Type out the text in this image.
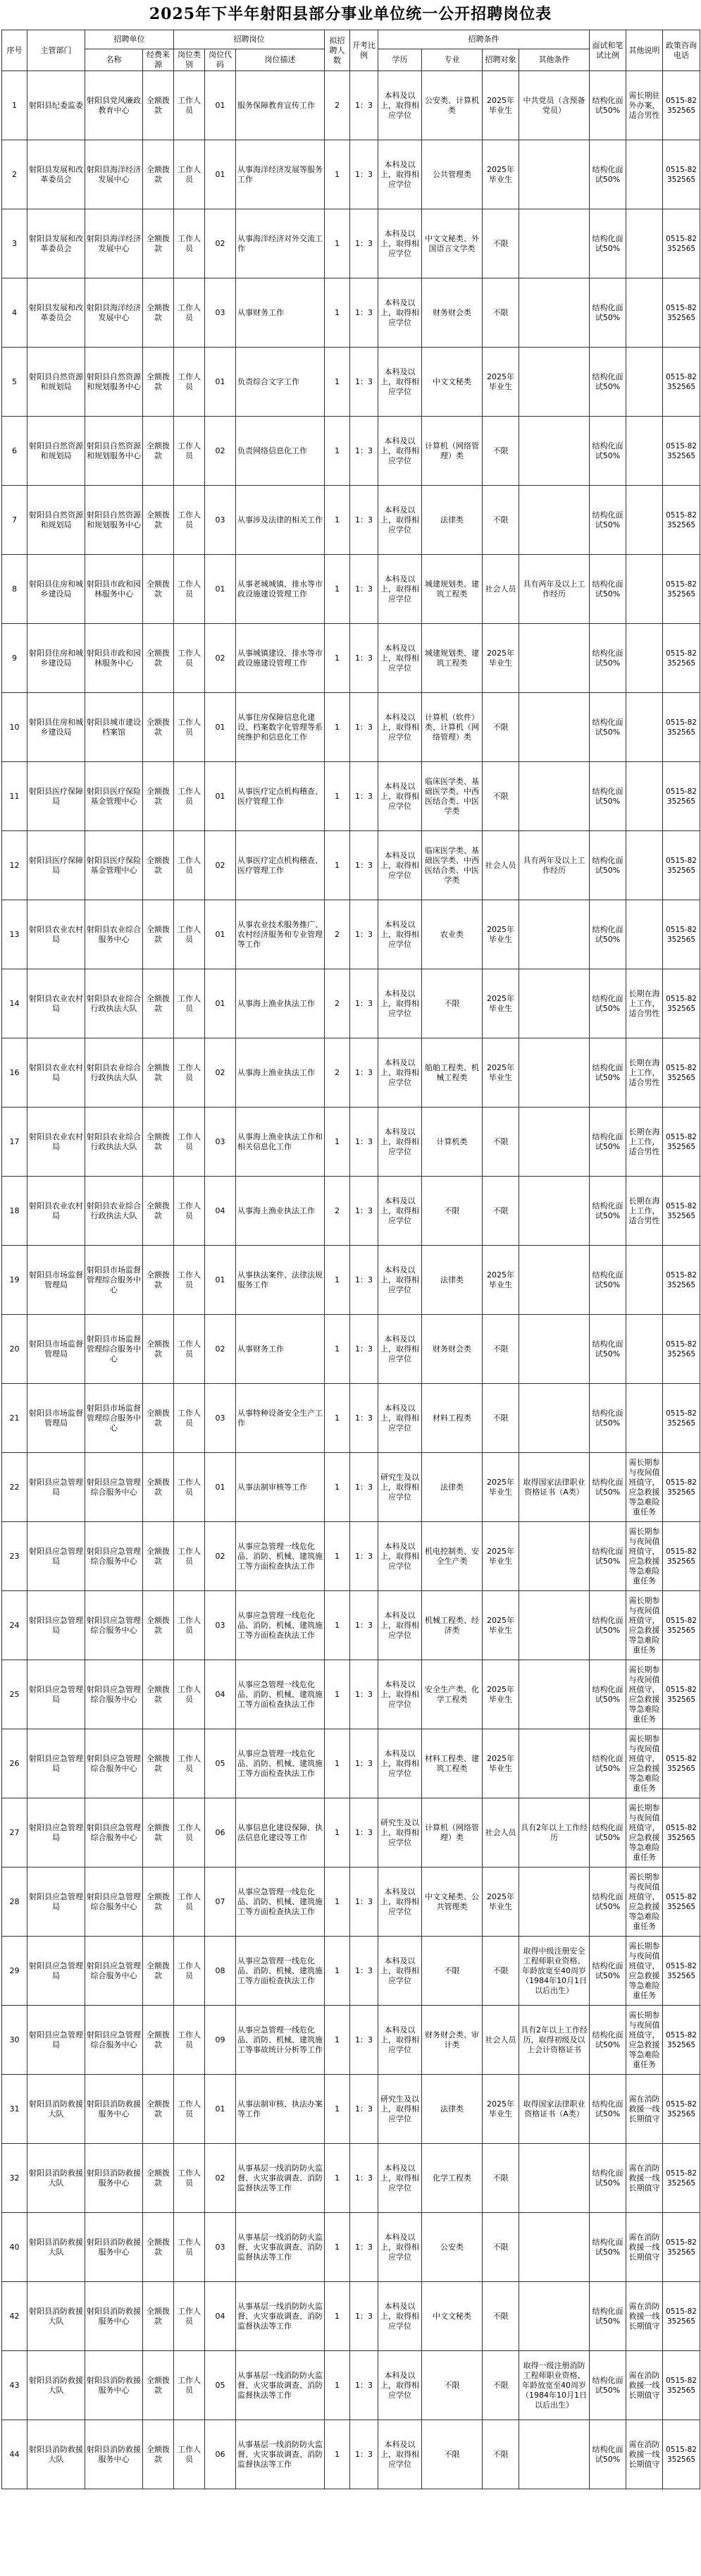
2025年下半年射阳县部分事业单位统一公开招聘岗位表
序号	主管部门	招聘单位		招聘岗位			拟招聘人数	开考比例	招聘条件				面试和笔试比例	其他说明	政策咨询电话
		名称	经费来源	岗位类别	岗位代码	岗位描述			学历	专业	招聘对象	其他条件			
1	射阳县纪委监委	射阳县党风廉政教育中心	全额拨款	工作人员	01	服务保障教育宣传工作	2	1：3	本科及以上，取得相应学位	公安类、计算机类	2025年毕业生	中共党员（含预备党员）	结构化面试50%	需长期驻外办案，适合男性	0515-82352565
2	射阳县发展和改革委员会	射阳县海洋经济发展中心	全额拨款	工作人员	01	从事海洋经济发展等服务工作	1	1：3	本科及以上，取得相应学位	公共管理类	2025年毕业生		结构化面试50%		0515-82352565
3	射阳县发展和改革委员会	射阳县海洋经济发展中心	全额拨款	工作人员	02	从事海洋经济对外交流工作	1	1：3	本科及以上，取得相应学位	中文文秘类、外国语言文学类	不限		结构化面试50%		0515-82352565
4	射阳县发展和改革委员会	射阳县海洋经济发展中心	全额拨款	工作人员	03	从事财务工作	1	1：3	本科及以上，取得相应学位	财务财会类	不限		结构化面试50%		0515-82352565
5	射阳县自然资源和规划局	射阳县自然资源和规划服务中心	全额拨款	工作人员	01	负责综合文字工作	1	1：3	本科及以上，取得相应学位	中文文秘类	2025年毕业生		结构化面试50%		0515-82352565
6	射阳县自然资源和规划局	射阳县自然资源和规划服务中心	全额拨款	工作人员	02	负责网络信息化工作	1	1：3	本科及以上，取得相应学位	计算机（网络管理）类	不限		结构化面试50%		0515-82352565
7	射阳县自然资源和规划局	射阳县自然资源和规划服务中心	全额拨款	工作人员	03	从事涉及法律的相关工作	1	1：3	本科及以上，取得相应学位	法律类	不限		结构化面试50%		0515-82352565
8	射阳县住房和城乡建设局	射阳县市政和园林服务中心	全额拨款	工作人员	01	从事老城城镇、排水等市政设施建设管理工作	1	1：3	本科及以上，取得相应学位	城建规划类、建筑工程类	社会人员	具有两年及以上工作经历	结构化面试50%		0515-82352565
9	射阳县住房和城乡建设局	射阳县市政和园林服务中心	全额拨款	工作人员	02	从事城镇建设、排水等市政设施建设管理工作	1	1：3	本科及以上，取得相应学位	城建规划类、建筑工程类	2025年毕业生		结构化面试50%		0515-82352565
10	射阳县住房和城乡建设局	射阳县城市建设档案馆	全额拨款	工作人员	01	从事住房保障信息化建设、档案数字化管理等系统维护和信息化工作	1	1：3	本科及以上，取得相应学位	计算机（软件）类、计算机（网络管理）类	不限		结构化面试50%		0515-82352565
11	射阳县医疗保障局	射阳县医疗保险基金管理中心	全额拨款	工作人员	01	从事医疗定点机构稽查、医疗管理工作	1	1：3	本科及以上，取得相应学位	临床医学类、基础医学类、中西医结合类、中医学类	不限		结构化面试50%		0515-82352565
12	射阳县医疗保障局	射阳县医疗保险基金管理中心	全额拨款	工作人员	02	从事医疗定点机构稽查、医疗管理工作	1	1：3	本科及以上，取得相应学位	临床医学类、基础医学类、中西医结合类、中医学类	社会人员	具有两年及以上工作经历	结构化面试50%		0515-82352565
13	射阳县农业农村局	射阳县农业综合服务中心	全额拨款	工作人员	01	从事农业技术服务推广、农村经济服务和专业管理等工作	2	1：3	本科及以上，取得相应学位	农业类	2025年毕业生		结构化面试50%		0515-82352565
14	射阳县农业农村局	射阳县农业综合行政执法大队	全额拨款	工作人员	01	从事海上渔业执法工作	2	1：3	本科及以上，取得相应学位	不限	2025年毕业生		结构化面试50%	长期在海上工作，适合男性	0515-82352565
16	射阳县农业农村局	射阳县农业综合行政执法大队	全额拨款	工作人员	02	从事海上渔业执法工作	2	1：3	本科及以上，取得相应学位	船舶工程类、机械工程类	2025年毕业生		结构化面试50%	长期在海上工作，适合男性	0515-82352565
17	射阳县农业农村局	射阳县农业综合行政执法大队	全额拨款	工作人员	03	从事海上渔业执法工作和相关信息化工作	1	1：3	本科及以上，取得相应学位	计算机类	不限		结构化面试50%	长期在海上工作，适合男性	0515-82352565
18	射阳县农业农村局	射阳县农业综合行政执法大队	全额拨款	工作人员	04	从事海上渔业执法工作	2	1：3	本科及以上，取得相应学位	不限	不限		结构化面试50%	长期在海上工作，适合男性	0515-82352565
19	射阳县市场监督管理局	射阳县市场监督管理综合服务中心	全额拨款	工作人员	01	从事执法案件、法律法规服务工作	1	1：3	本科及以上，取得相应学位	法律类	2025年毕业生		结构化面试50%		0515-82352565
20	射阳县市场监督管理局	射阳县市场监督管理综合服务中心	全额拨款	工作人员	02	从事财务工作	1	1：3	本科及以上，取得相应学位	财务财会类	不限		结构化面试50%		0515-82352565
21	射阳县市场监督管理局	射阳县市场监督管理综合服务中心	全额拨款	工作人员	03	从事特种设备安全生产工作	1	1：3	本科及以上，取得相应学位	材料工程类	不限		结构化面试50%		0515-82352565
22	射阳县应急管理局	射阳县应急管理综合服务中心	全额拨款	工作人员	01	从事法制审核等工作	1	1：3	研究生及以上，取得相应学位	法律类	2025年毕业生	取得国家法律职业资格证书（A类）	结构化面试50%	需长期参与夜间值班值守，应急救援等急难险重任务	0515-82352565
23	射阳县应急管理局	射阳县应急管理综合服务中心	全额拨款	工作人员	02	从事应急管理一线危化品、消防、机械、建筑施工等方面检查执法工作	1	1：3	本科及以上，取得相应学位	机电控制类、安全生产类	2025年毕业生		结构化面试50%	需长期参与夜间值班值守，应急救援等急难险重任务	0515-82352565
24	射阳县应急管理局	射阳县应急管理综合服务中心	全额拨款	工作人员	03	从事应急管理一线危化品、消防、机械、建筑施工等方面检查执法工作	1	1：3	本科及以上，取得相应学位	机械工程类、经济类	2025年毕业生		结构化面试50%	需长期参与夜间值班值守，应急救援等急难险重任务	0515-82352565
25	射阳县应急管理局	射阳县应急管理综合服务中心	全额拨款	工作人员	04	从事应急管理一线危化品、消防、机械、建筑施工等方面检查执法工作	1	1：3	本科及以上，取得相应学位	安全生产类、化学工程类	2025年毕业生		结构化面试50%	需长期参与夜间值班值守，应急救援等急难险重任务	0515-82352565
26	射阳县应急管理局	射阳县应急管理综合服务中心	全额拨款	工作人员	05	从事应急管理一线危化品、消防、机械、建筑施工等方面检查执法工作	1	1：3	本科及以上，取得相应学位	材料工程类、建筑工程类	2025年毕业生		结构化面试50%	需长期参与夜间值班值守，应急救援等急难险重任务	0515-82352565
27	射阳县应急管理局	射阳县应急管理综合服务中心	全额拨款	工作人员	06	从事信息化建设保障、执法信息化建设等工作	1	1：3	研究生及以上，取得相应学位	计算机（网络管理）类	社会人员	具有2年以上工作经历	结构化面试50%	需长期参与夜间值班值守，应急救援等急难险重任务	0515-82352565
28	射阳县应急管理局	射阳县应急管理综合服务中心	全额拨款	工作人员	07	从事应急管理一线危化品、消防、机械、建筑施工等方面检查执法工作	1	1：3	本科及以上，取得相应学位	中文文秘类、公共管理类	2025年毕业生		结构化面试50%	需长期参与夜间值班值守，应急救援等急难险重任务	0515-82352565
29	射阳县应急管理局	射阳县应急管理综合服务中心	全额拨款	工作人员	08	从事应急管理一线危化品、消防、机械、建筑施工等方面检查执法工作	1	1：3	本科及以上，取得相应学位	不限	不限	取得中级注册安全工程师职业资格、年龄放宽至40周岁（1984年10月1日以后出生）	结构化面试50%	需长期参与夜间值班值守，应急救援等急难险重任务	0515-82352565
30	射阳县应急管理局	射阳县应急管理综合服务中心	全额拨款	工作人员	09	从事应急管理一线危化品、消防、机械、建筑施工等事故统计分析等工作	1	1：3	本科及以上，取得相应学位	财务财会类、审计类	社会人员	具有2年以上工作经历，取得初级及以上会计资格证书	结构化面试50%	需长期参与夜间值班值守，应急救援等急难险重任务	0515-82352565
31	射阳县消防救援大队	射阳县消防救援服务中心	全额拨款	工作人员	01	从事法制审核、执法办案等工作	1	1：3	研究生及以上，取得相应学位	法律类	2025年毕业生	取得国家法律职业资格证书（A类）	结构化面试50%	需在消防救援一线长期值守	0515-82352565
32	射阳县消防救援大队	射阳县消防救援服务中心	全额拨款	工作人员	02	从事基层一线消防防火监督、火灾事故调查、消防监督执法等工作	1	1：3	本科及以上，取得相应学位	化学工程类	不限		结构化面试50%	需在消防救援一线长期值守	0515-82352565
40	射阳县消防救援大队	射阳县消防救援服务中心	全额拨款	工作人员	03	从事基层一线消防防火监督、火灾事故调查、消防监督执法等工作	1	1：3	本科及以上，取得相应学位	公安类	不限		结构化面试50%	需在消防救援一线长期值守	0515-82352565
42	射阳县消防救援大队	射阳县消防救援服务中心	全额拨款	工作人员	04	从事基层一线消防防火监督、火灾事故调查、消防监督执法等工作	1	1：3	本科及以上，取得相应学位	中文文秘类	不限		结构化面试50%	需在消防救援一线长期值守	0515-82352565
43	射阳县消防救援大队	射阳县消防救援服务中心	全额拨款	工作人员	05	从事基层一线消防防火监督、火灾事故调查、消防监督执法等工作	1	1：3	本科及以上，取得相应学位	不限	不限	取得一级注册消防工程师职业资格、年龄放宽至40周岁（1984年10月1日以后出生）	结构化面试50%	需在消防救援一线长期值守	0515-82352565
44	射阳县消防救援大队	射阳县消防救援服务中心	全额拨款	工作人员	06	从事基层一线消防防火监督、火灾事故调查、消防监督执法等工作	1	1：3	本科及以上，取得相应学位	不限	不限		结构化面试50%	需在消防救援一线长期值守	0515-82352565
